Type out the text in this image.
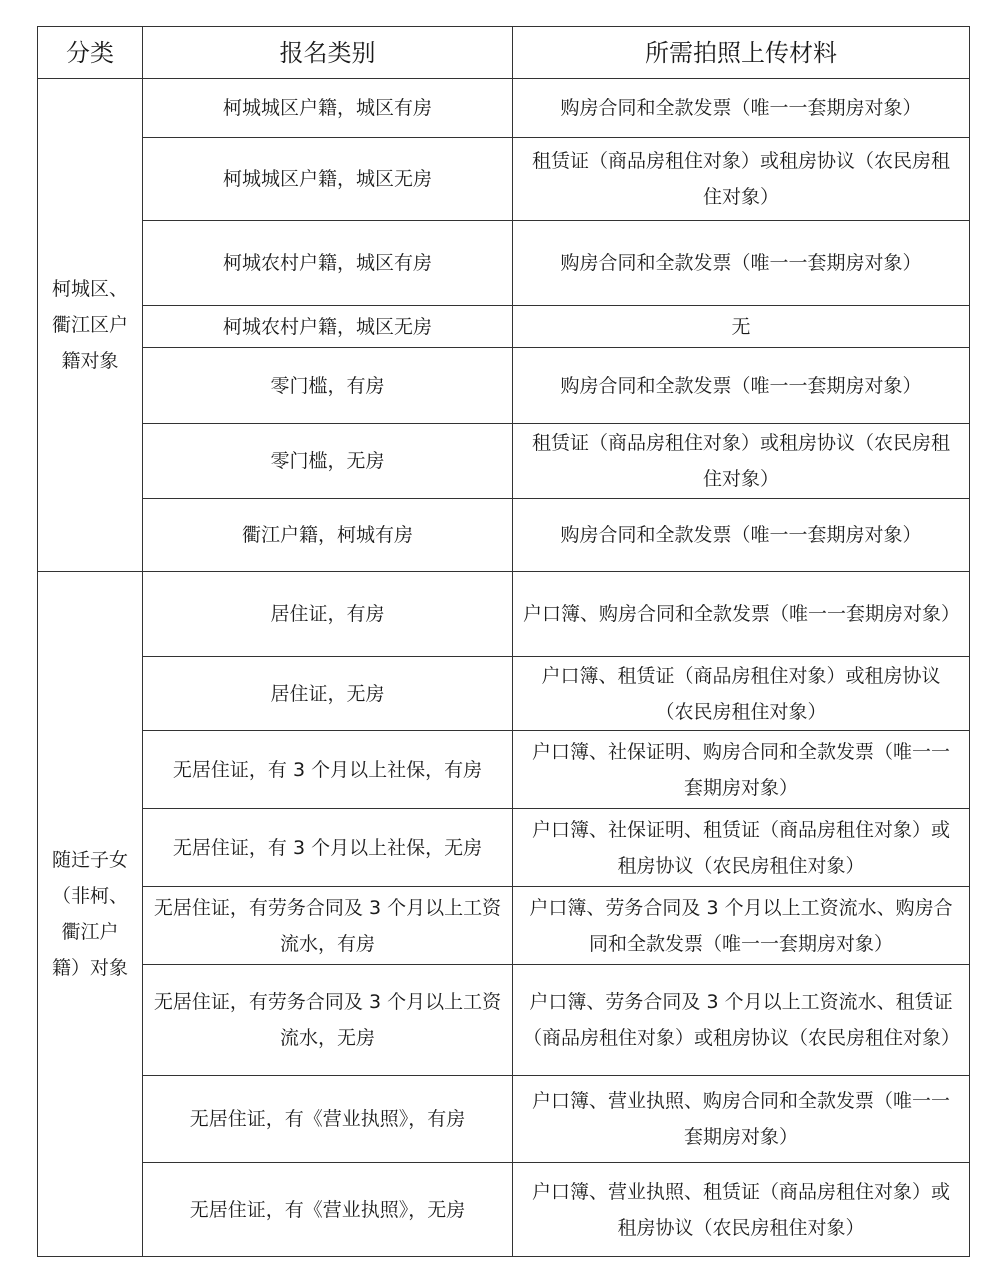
分类	报名类别	所需拍照上传材料
柯城区、衢江区户籍对象	柯城城区户籍，城区有房	购房合同和全款发票（唯一一套期房对象）
	柯城城区户籍，城区无房	租赁证（商品房租住对象）或租房协议（农民房租住对象）
	柯城农村户籍，城区有房	购房合同和全款发票（唯一一套期房对象）
	柯城农村户籍，城区无房	无
	零门槛，有房	购房合同和全款发票（唯一一套期房对象）
	零门槛，无房	租赁证（商品房租住对象）或租房协议（农民房租住对象）
	衢江户籍，柯城有房	购房合同和全款发票（唯一一套期房对象）
随迁子女（非柯、衢江户籍）对象	居住证，有房	户口簿、购房合同和全款发票（唯一一套期房对象）
	居住证，无房	户口簿、租赁证（商品房租住对象）或租房协议（农民房租住对象）
	无居住证，有 3 个月以上社保，有房	户口簿、社保证明、购房合同和全款发票（唯一一套期房对象）
	无居住证，有 3 个月以上社保，无房	户口簿、社保证明、租赁证（商品房租住对象）或租房协议（农民房租住对象）
	无居住证，有劳务合同及 3 个月以上工资流水，有房	户口簿、劳务合同及 3 个月以上工资流水、购房合同和全款发票（唯一一套期房对象）
	无居住证，有劳务合同及 3 个月以上工资流水，无房	户口簿、劳务合同及 3 个月以上工资流水、租赁证（商品房租住对象）或租房协议（农民房租住对象）
	无居住证，有《营业执照》，有房	户口簿、营业执照、购房合同和全款发票（唯一一套期房对象）
	无居住证，有《营业执照》，无房	户口簿、营业执照、租赁证（商品房租住对象）或租房协议（农民房租住对象）
